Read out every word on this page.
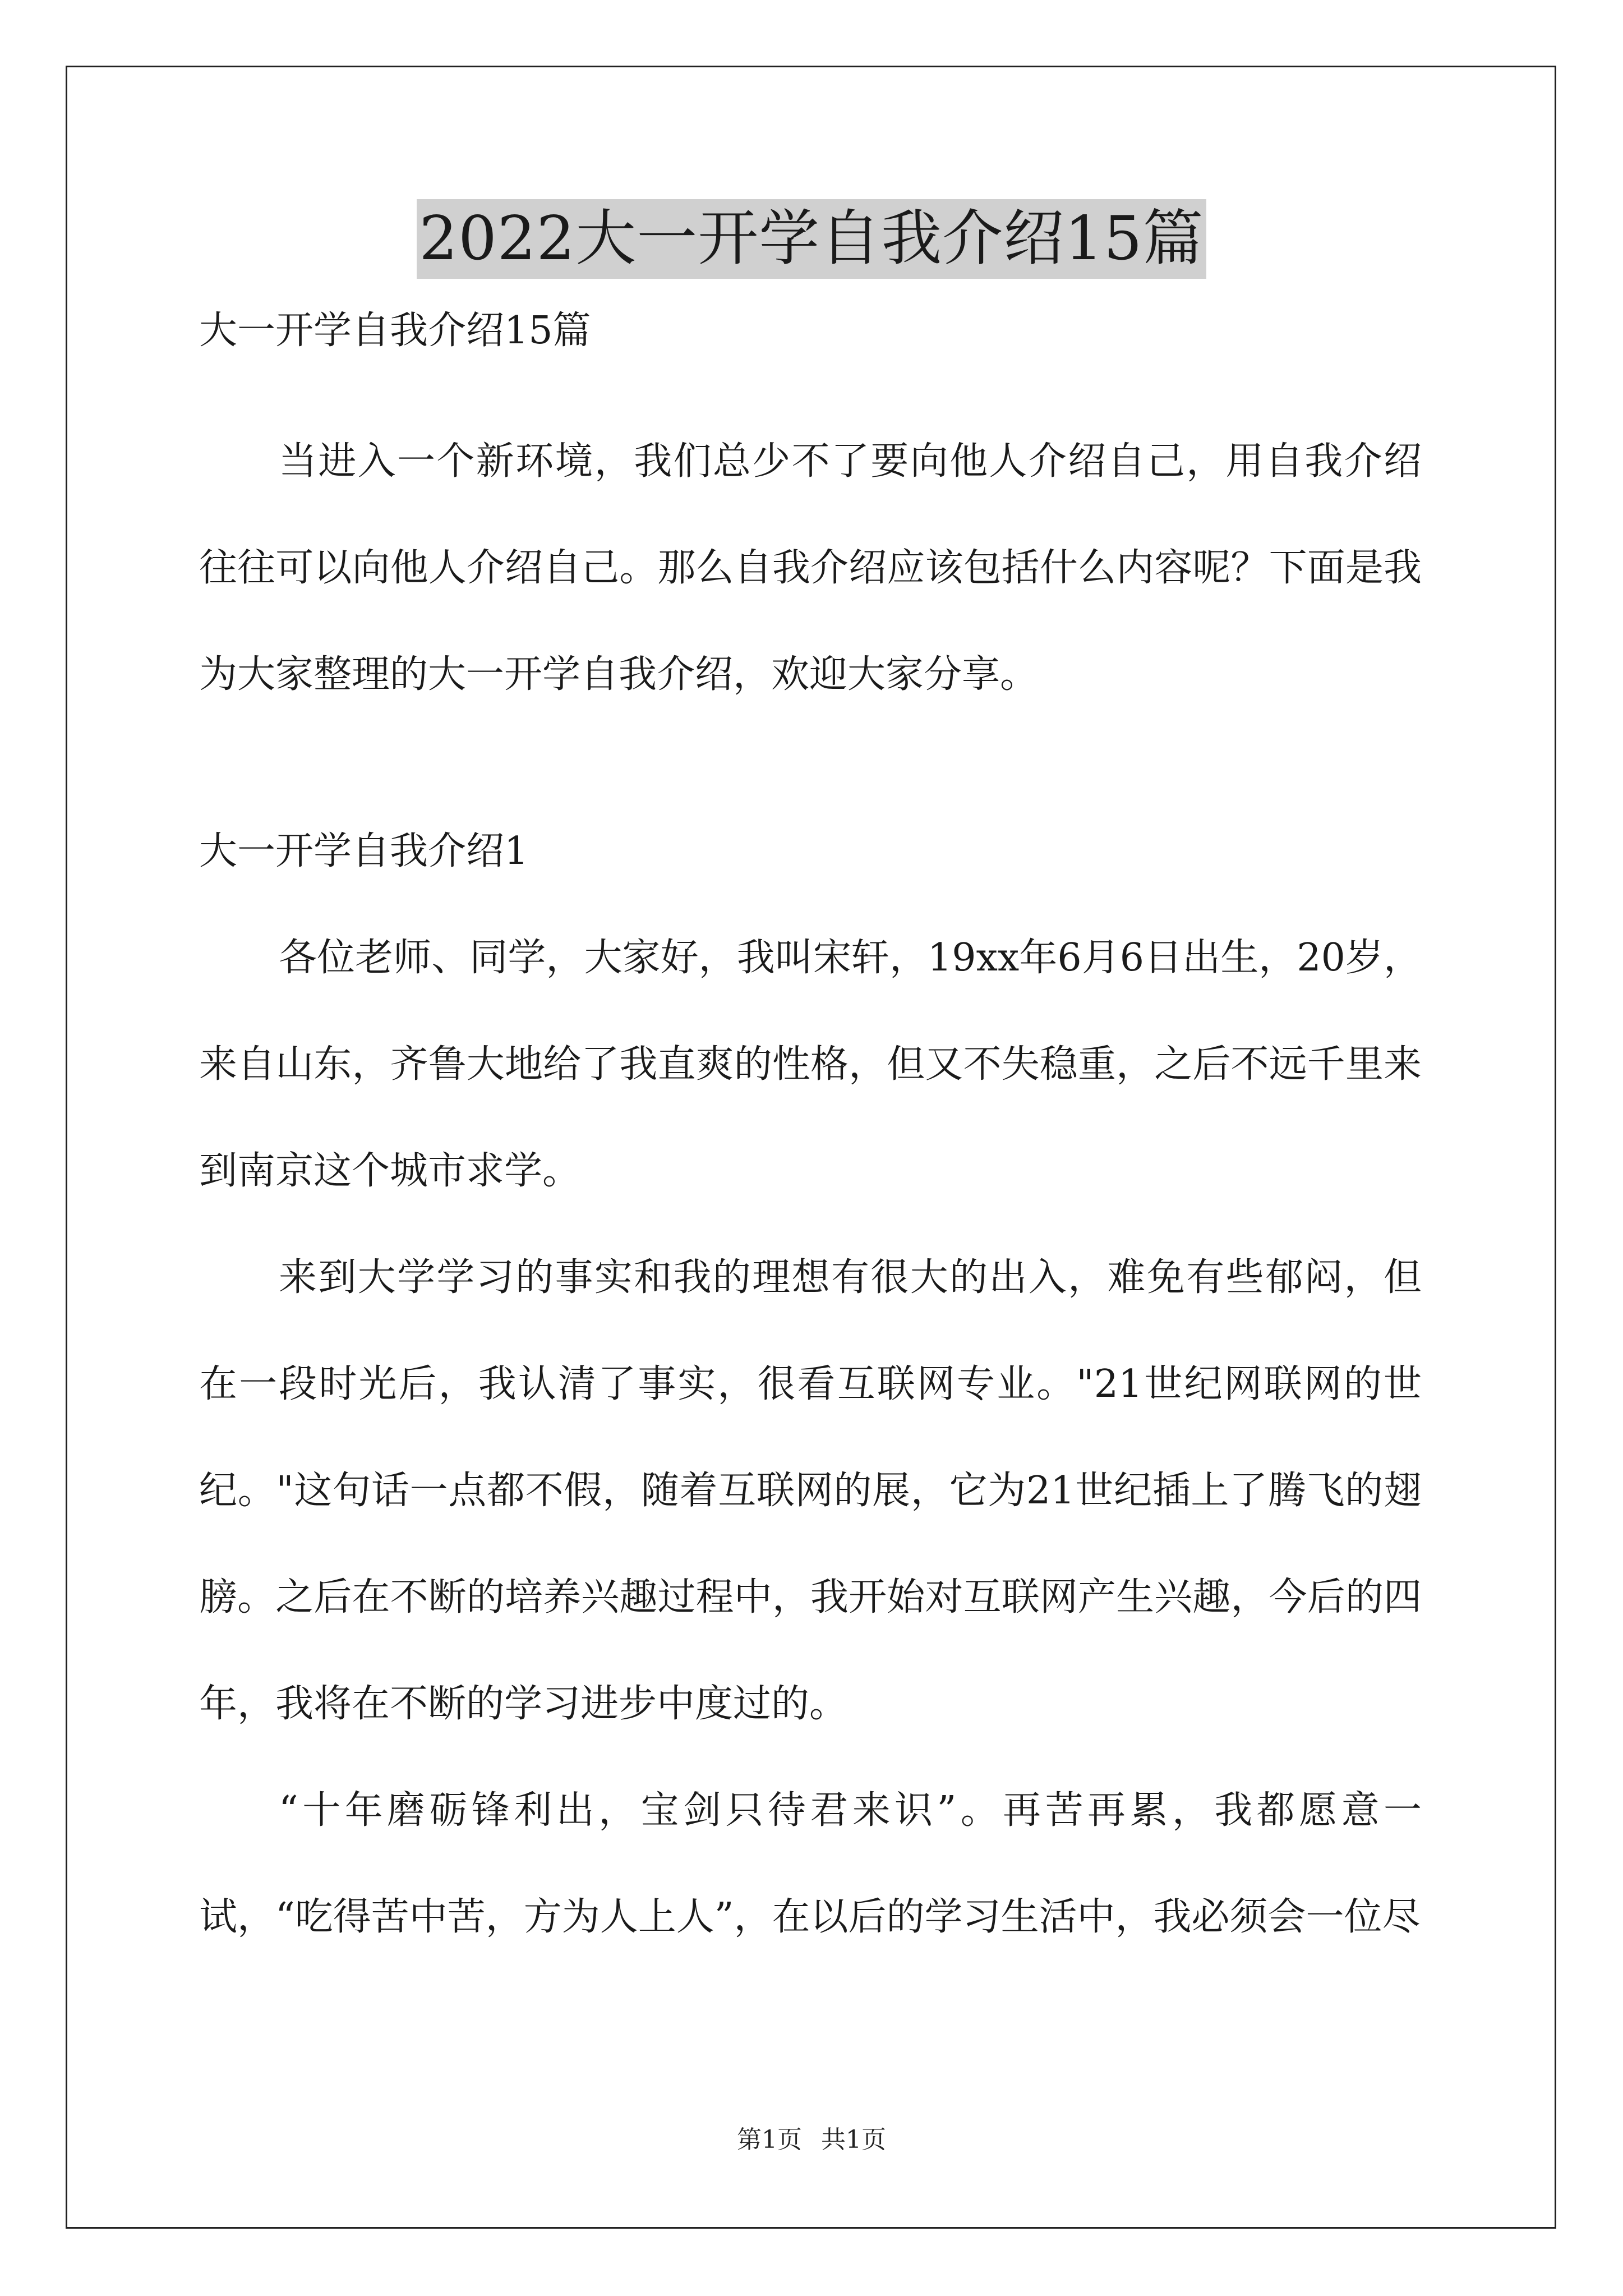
2022大一开学自我介绍15篇

大一开学自我介绍15篇

当进入一个新环境，我们总少不了要向他人介绍自己，用自我介绍往往可以向他人介绍自己。那么自我介绍应该包括什么内容呢？下面是我为大家整理的大一开学自我介绍，欢迎大家分享。

大一开学自我介绍1

各位老师、同学，大家好，我叫宋轩，19xx年6月6日出生，20岁，来自山东，齐鲁大地给了我直爽的性格，但又不失稳重，之后不远千里来到南京这个城市求学。

来到大学学习的事实和我的理想有很大的出入，难免有些郁闷，但在一段时光后，我认清了事实，很看互联网专业。"21世纪网联网的世纪。"这句话一点都不假，随着互联网的展，它为21世纪插上了腾飞的翅膀。之后在不断的培养兴趣过程中，我开始对互联网产生兴趣，今后的四年，我将在不断的学习进步中度过的。

“十年磨砺锋利出，宝剑只待君来识”。再苦再累，我都愿意一试，“吃得苦中苦，方为人上人”，在以后的学习生活中，我必须会一位尽

第1页 共1页
